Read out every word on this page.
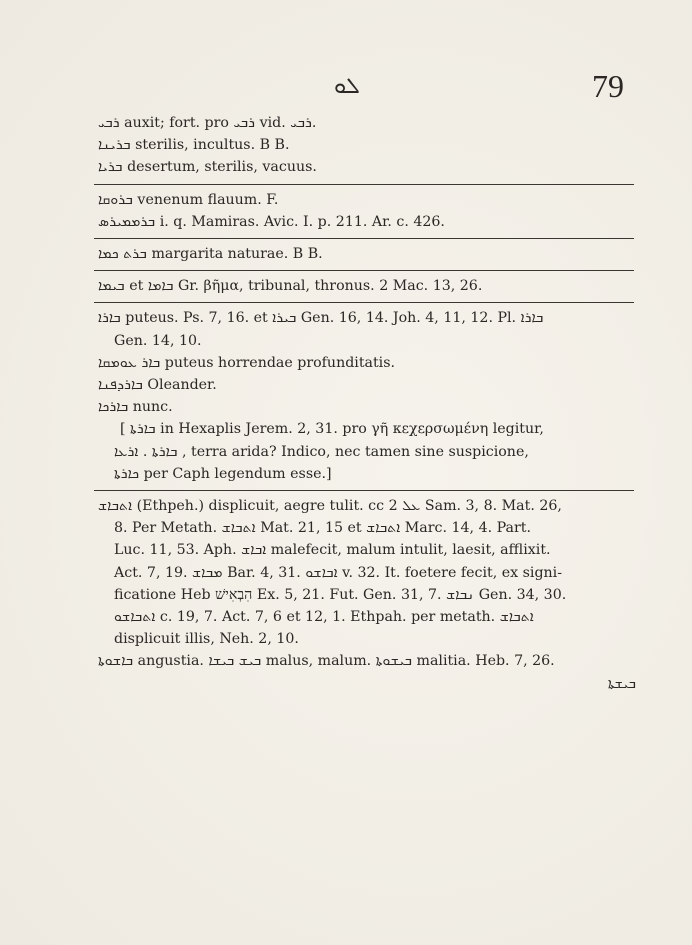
ܠܘ	79

ܪܒܝ auxit; fort. pro ܪܒܝ vid. ܪܒܝ.

ܒܪܝܢܐ sterilis, incultus. B B.

ܒܪܝܐ desertum, sterilis, vacuus.

ܒܪܘܩܐ venenum flauum. F.

ܒܪܡܡܝܪܣ i. q. Mamiras. Avic. I. p. 211. Ar. c. 426.

ܒܪܬ ܟܡܐ margarita naturae. B B.

ܒܝܡܐ et ܒܐܡܐ Gr. βῆμα, tribunal, thronus. 2 Mac. 13, 26.

ܒܐܪܐ puteus. Ps. 7, 16. et ܒܝܪܐ Gen. 16, 14. Joh. 4, 11, 12. Pl. ܒܐܪܐ

Gen. 14, 10.

ܒܐܪ ܥܘܡܩܐ puteus horrendae profunditatis.

ܒܐܪܕܦܢܐ Oleander.

ܒܐܪܟܐ nunc.

[ ܒܐܪܬܐ in Hexaplis Jerem. 2, 31. pro γῆ κεχερσωμένη legitur,

ܒܐܪܬܐ . ܐܪܥܐ , terra arida? Indico, nec tamen sine suspicione,

ܟܐܪܬܐ per Caph legendum esse.]

ܐܬܒܐܫ (Ethpeh.) displicuit, aegre tulit. cc ܥܠ 2 Sam. 3, 8. Mat. 26,

8. Per Metath. ܐܬܒܐܫ Mat. 21, 15 et ܐܬܒܐܫ Marc. 14, 4. Part.

Luc. 11, 53. Aph. ܐܒܐܫ malefecit, malum intulit, laesit, afflixit.

Act. 7, 19. ܡܒܐܫ Bar. 4, 31. ܐܒܐܫܘ v. 32. It. foetere fecit, ex signi-

ficatione Heb הִבְאִישׁ Ex. 5, 21. Fut. Gen. 31, 7. ܢܒܐܫ Gen. 34, 30.

ܐܬܒܐܫܘ c. 19, 7. Act. 7, 6 et 12, 1. Ethpah. per metath. ܐܬܒܐܫ

displicuit illis, Neh. 2, 10.

ܒܐܫܘܬܐ angustia. ܒܝܫ ܒܝܫܐ malus, malum. ܒܝܫܘܬܐ malitia. Heb. 7, 26.

ܒܝܫܬܐ
